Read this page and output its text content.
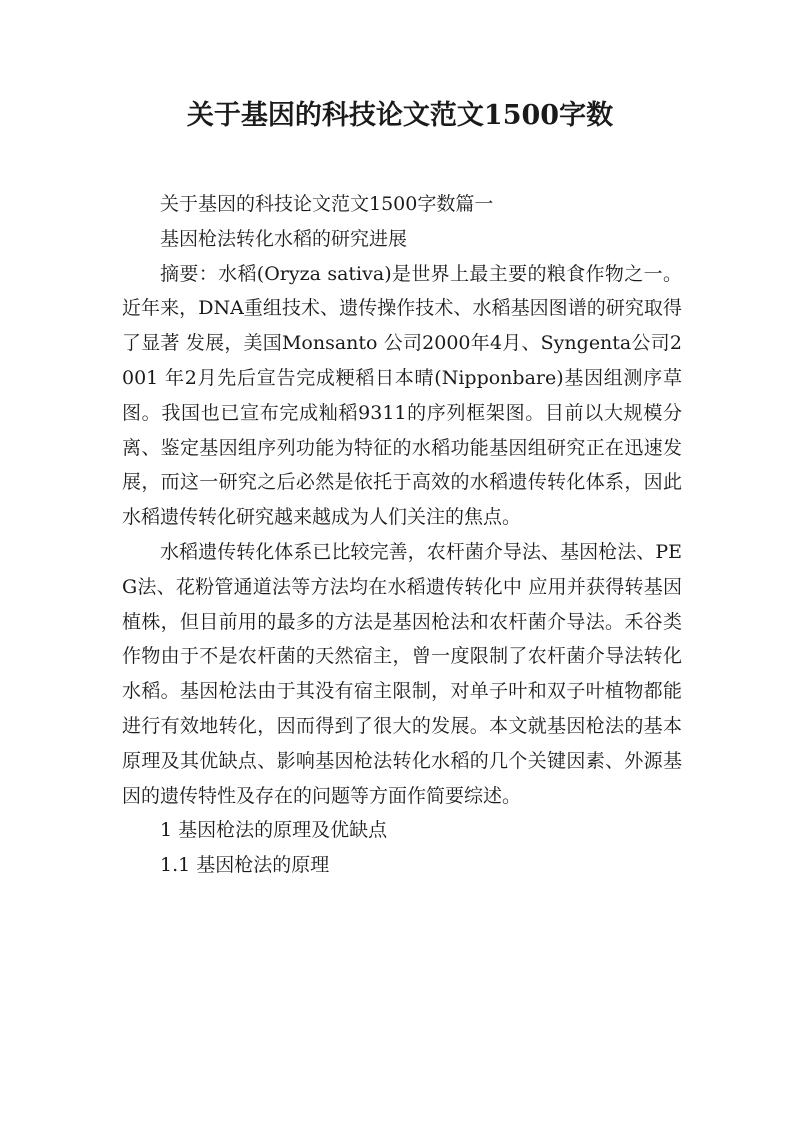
关于基因的科技论文范文1500字数

关于基因的科技论文范文1500字数篇一

基因枪法转化水稻的研究进展

摘要：水稻(Oryza sativa)是世界上最主要的粮食作物之一。近年来，DNA重组技术、遗传操作技术、水稻基因图谱的研究取得了显著 发展，美国Monsanto 公司2000年4月、Syngenta公司2001 年2月先后宣告完成粳稻日本晴(Nipponbare)基因组测序草图。我国也已宣布完成籼稻9311的序列框架图。目前以大规模分离、鉴定基因组序列功能为特征的水稻功能基因组研究正在迅速发展，而这一研究之后必然是依托于高效的水稻遗传转化体系，因此水稻遗传转化研究越来越成为人们关注的焦点。

水稻遗传转化体系已比较完善，农杆菌介导法、基因枪法、PEG法、花粉管通道法等方法均在水稻遗传转化中 应用并获得转基因植株，但目前用的最多的方法是基因枪法和农杆菌介导法。禾谷类作物由于不是农杆菌的天然宿主，曾一度限制了农杆菌介导法转化水稻。基因枪法由于其没有宿主限制，对单子叶和双子叶植物都能进行有效地转化，因而得到了很大的发展。本文就基因枪法的基本原理及其优缺点、影响基因枪法转化水稻的几个关键因素、外源基因的遗传特性及存在的问题等方面作简要综述。

1 基因枪法的原理及优缺点

1.1 基因枪法的原理
